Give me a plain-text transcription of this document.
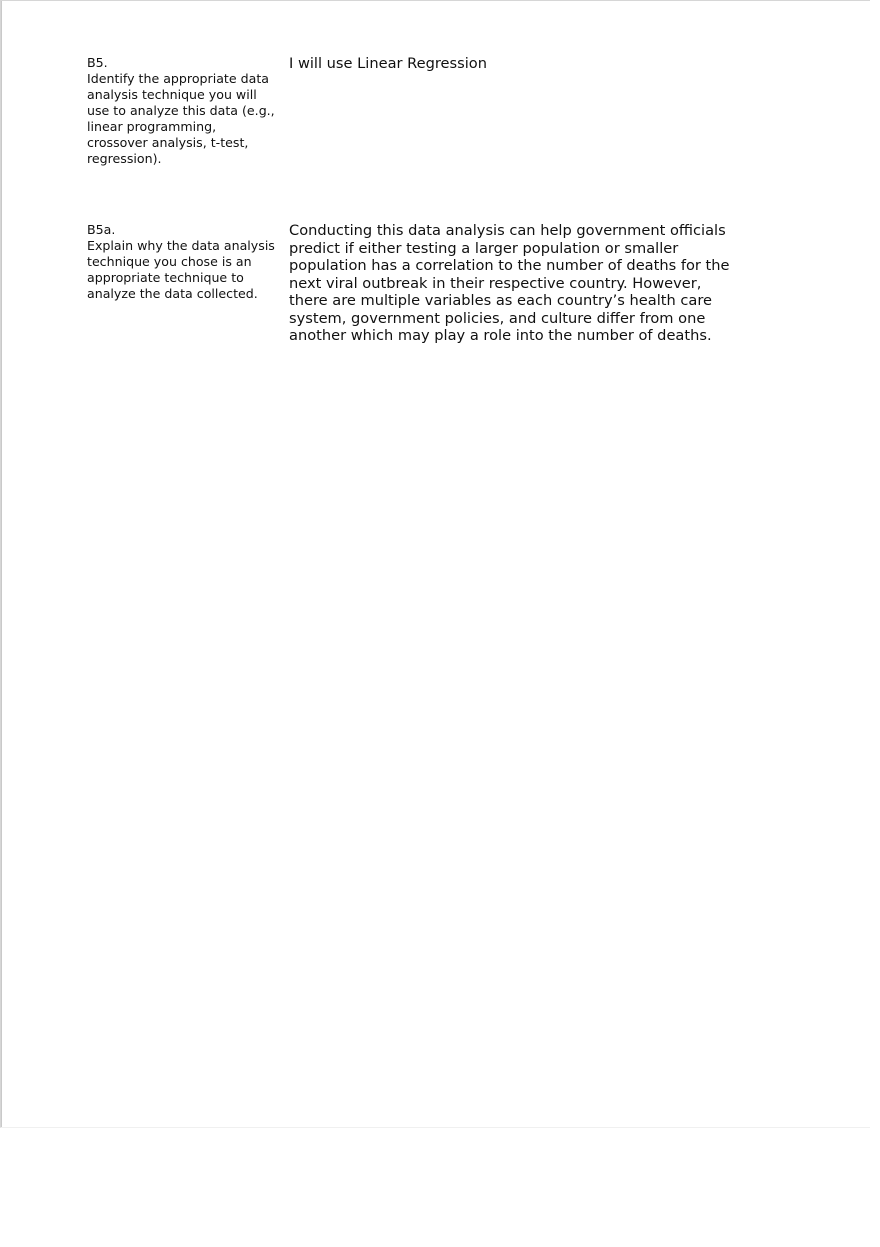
B5.
Identify the appropriate data analysis technique you will use to analyze this data (e.g., linear programming, crossover analysis, t-test, regression).
I will use Linear Regression
B5a.
Explain why the data analysis technique you chose is an appropriate technique to analyze the data collected.
Conducting this data analysis can help government officials predict if either testing a larger population or smaller population has a correlation to the number of deaths for the next viral outbreak in their respective country. However, there are multiple variables as each country’s health care system, government policies, and culture differ from one another which may play a role into the number of deaths.
